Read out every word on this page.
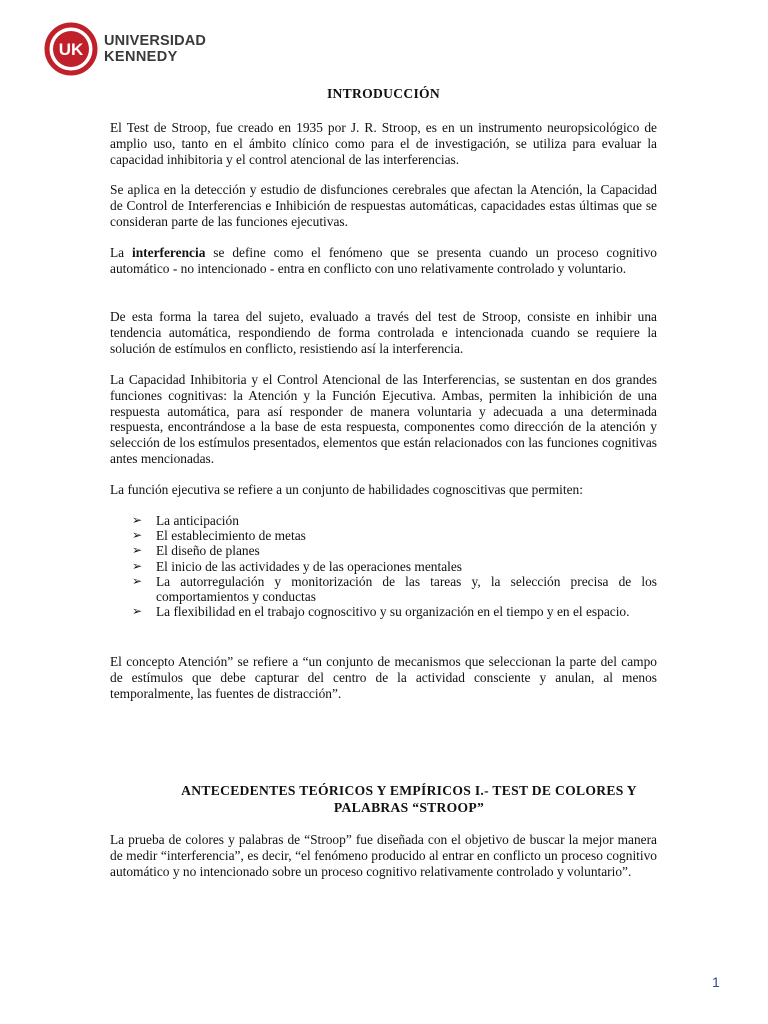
UK UNIVERSIDAD
KENNEDY
INTRODUCCIÓN

El Test de Stroop, fue creado en 1935 por J. R. Stroop, es en un instrumento neuropsicológico de amplio uso, tanto en el ámbito clínico como para el de investigación, se utiliza para evaluar la capacidad inhibitoria y el control atencional de las interferencias.

Se aplica en la detección y estudio de disfunciones cerebrales que afectan la Atención, la Capacidad de Control de Interferencias e Inhibición de respuestas automáticas, capacidades estas últimas que se consideran parte de las funciones ejecutivas.

La interferencia se define como el fenómeno que se presenta cuando un proceso cognitivo automático - no intencionado - entra en conflicto con uno relativamente controlado y voluntario.

De esta forma la tarea del sujeto, evaluado a través del test de Stroop, consiste en inhibir una tendencia automática, respondiendo de forma controlada e intencionada cuando se requiere la solución de estímulos en conflicto, resistiendo así la interferencia.

La Capacidad Inhibitoria y el Control Atencional de las Interferencias, se sustentan en dos grandes funciones cognitivas: la Atención y la Función Ejecutiva. Ambas, permiten la inhibición de una respuesta automática, para así responder de manera voluntaria y adecuada a una determinada respuesta, encontrándose a la base de esta respuesta, componentes como dirección de la atención y selección de los estímulos presentados, elementos que están relacionados con las funciones cognitivas antes mencionadas.

La función ejecutiva se refiere a un conjunto de habilidades cognoscitivas que permiten:

➢ La anticipación
➢ El establecimiento de metas
➢ El diseño de planes
➢ El inicio de las actividades y de las operaciones mentales
➢ La autorregulación y monitorización de las tareas y, la selección precisa de los comportamientos y conductas
➢ La flexibilidad en el trabajo cognoscitivo y su organización en el tiempo y en el espacio.

El concepto Atención” se refiere a “un conjunto de mecanismos que seleccionan la parte del campo de estímulos que debe capturar del centro de la actividad consciente y anulan, al menos temporalmente, las fuentes de distracción”.

ANTECEDENTES TEÓRICOS Y EMPÍRICOS I.- TEST DE COLORES Y PALABRAS “STROOP”

La prueba de colores y palabras de “Stroop” fue diseñada con el objetivo de buscar la mejor manera de medir “interferencia”, es decir, “el fenómeno producido al entrar en conflicto un proceso cognitivo automático y no intencionado sobre un proceso cognitivo relativamente controlado y voluntario”.

1
